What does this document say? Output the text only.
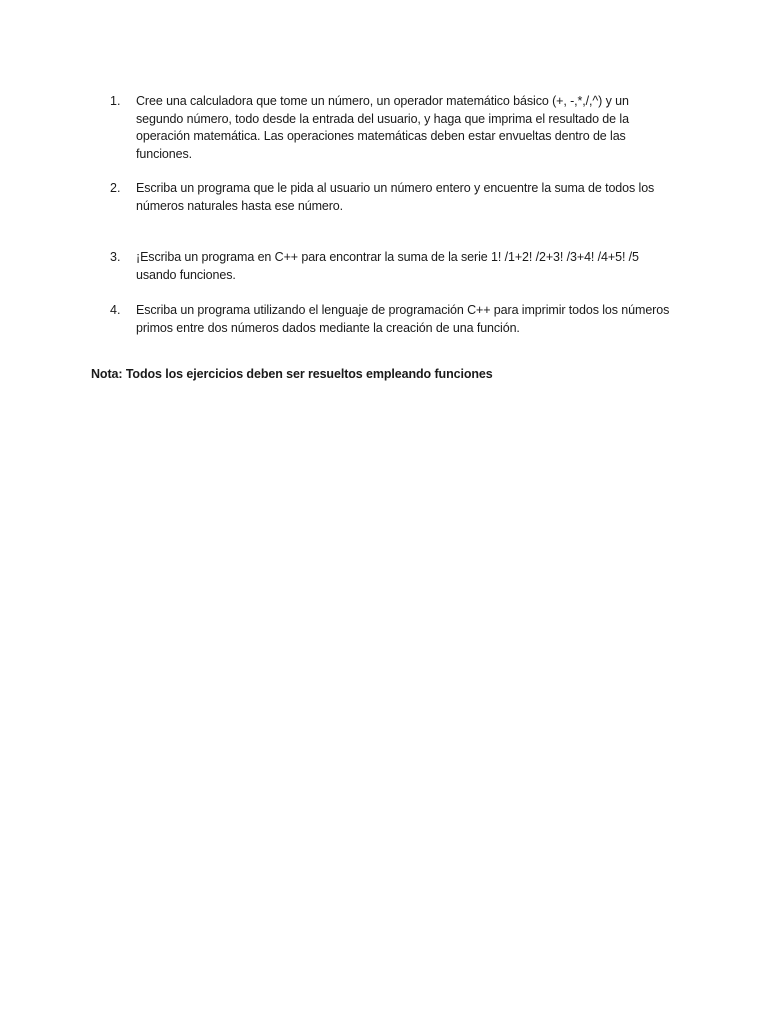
1. Cree una calculadora que tome un número, un operador matemático básico (+, -,*,/,^) y un segundo número, todo desde la entrada del usuario, y haga que imprima el resultado de la operación matemática. Las operaciones matemáticas deben estar envueltas dentro de las funciones.
2. Escriba un programa que le pida al usuario un número entero y encuentre la suma de todos los números naturales hasta ese número.
3. ¡Escriba un programa en C++ para encontrar la suma de la serie 1! /1+2! /2+3! /3+4! /4+5! /5 usando funciones.
4. Escriba un programa utilizando el lenguaje de programación C++ para imprimir todos los números primos entre dos números dados mediante la creación de una función.
Nota: Todos los ejercicios deben ser resueltos empleando funciones
